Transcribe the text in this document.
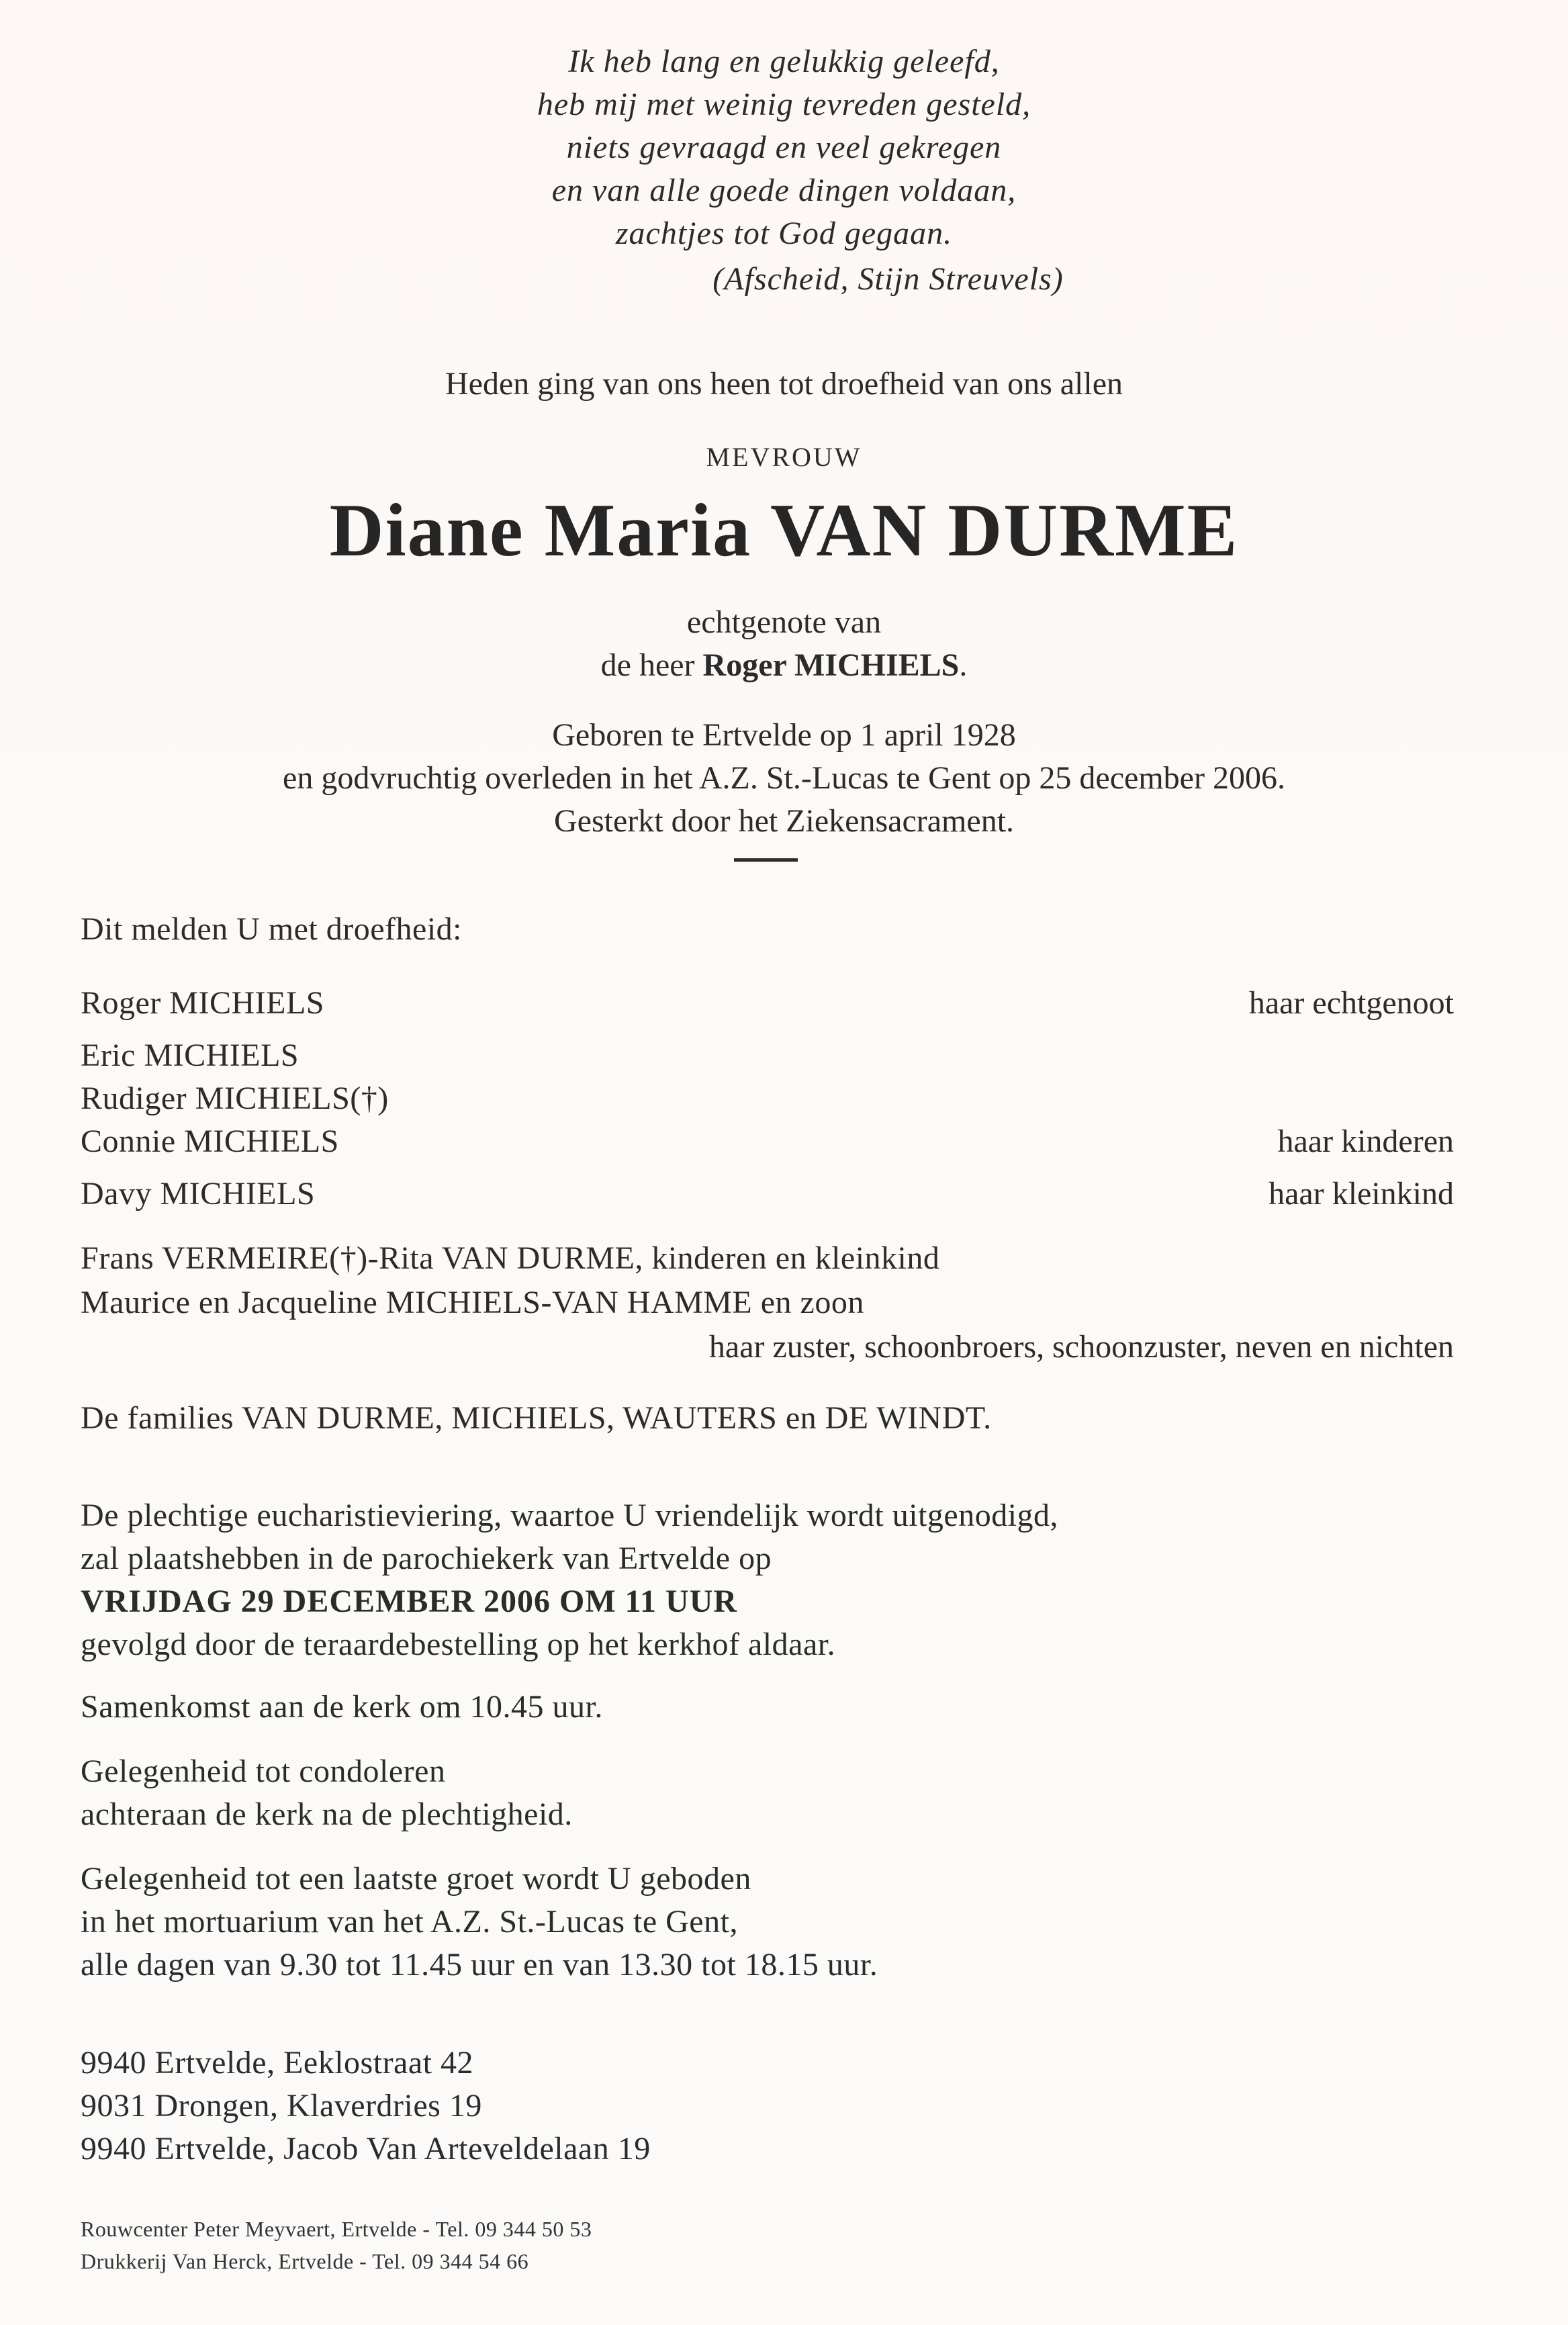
Ik heb lang en gelukkig geleefd,
heb mij met weinig tevreden gesteld,
niets gevraagd en veel gekregen
en van alle goede dingen voldaan,
zachtjes tot God gegaan.
(Afscheid, Stijn Streuvels)
Heden ging van ons heen tot droefheid van ons allen
MEVROUW
Diane Maria VAN DURME
echtgenote van
de heer Roger MICHIELS.
Geboren te Ertvelde op 1 april 1928
en godvruchtig overleden in het A.Z. St.-Lucas te Gent op 25 december 2006.
Gesterkt door het Ziekensacrament.
Dit melden U met droefheid:
Roger MICHIELS	haar echtgenoot
Eric MICHIELS
Rudiger MICHIELS(†)
Connie MICHIELS	haar kinderen
Davy MICHIELS	haar kleinkind
Frans VERMEIRE(†)-Rita VAN DURME, kinderen en kleinkind
Maurice en Jacqueline MICHIELS-VAN HAMME en zoon
haar zuster, schoonbroers, schoonzuster, neven en nichten
De families VAN DURME, MICHIELS, WAUTERS en DE WINDT.
De plechtige eucharistieviering, waartoe U vriendelijk wordt uitgenodigd,
zal plaatshebben in de parochiekerk van Ertvelde op
VRIJDAG 29 DECEMBER 2006 OM 11 UUR
gevolgd door de teraardebestelling op het kerkhof aldaar.
Samenkomst aan de kerk om 10.45 uur.
Gelegenheid tot condoleren
achteraan de kerk na de plechtigheid.
Gelegenheid tot een laatste groet wordt U geboden
in het mortuarium van het A.Z. St.-Lucas te Gent,
alle dagen van 9.30 tot 11.45 uur en van 13.30 tot 18.15 uur.
9940 Ertvelde, Eeklostraat 42
9031 Drongen, Klaverdries 19
9940 Ertvelde, Jacob Van Arteveldelaan 19
Rouwcenter Peter Meyvaert, Ertvelde - Tel. 09 344 50 53
Drukkerij Van Herck, Ertvelde - Tel. 09 344 54 66
